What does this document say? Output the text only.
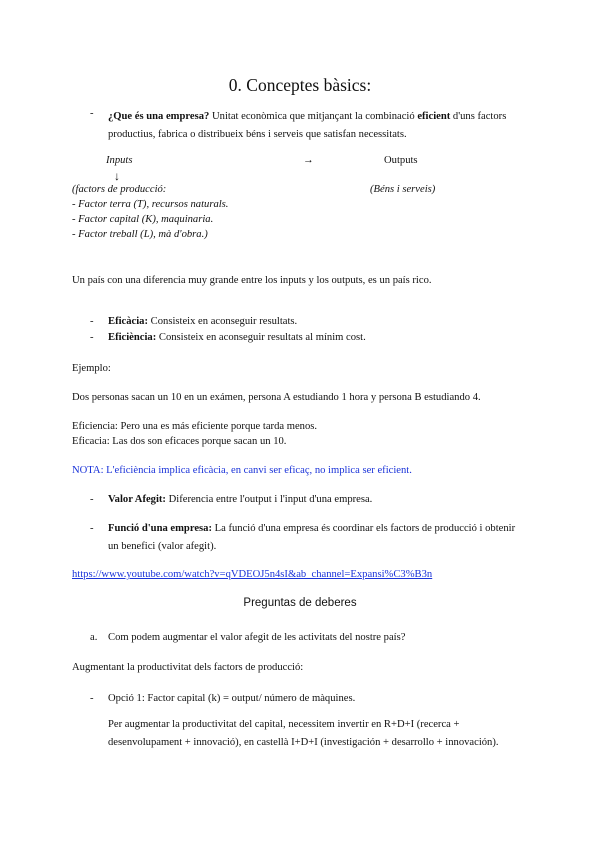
0. Conceptes bàsics:
- ¿Que és una empresa? Unitat econòmica que mitjançant la combinació eficient d'uns factors productius, fabrica o distribueix béns i serveis que satisfan necessitats.
Inputs	→	Outputs
↓
(factors de producció:	(Béns i serveis)
- Factor terra (T), recursos naturals.
- Factor capital (K), maquinaria.
- Factor treball (L), mà d'obra.)
Un país con una diferencia muy grande entre los inputs y los outputs, es un país rico.
- Eficàcia: Consisteix en aconseguir resultats.
- Eficiència: Consisteix en aconseguir resultats al mínim cost.
Ejemplo:
Dos personas sacan un 10 en un exámen, persona A estudiando 1 hora y persona B estudiando 4.
Eficiencia: Pero una es más eficiente porque tarda menos.
Eficacia: Las dos son eficaces porque sacan un 10.
NOTA: L'eficiència implica eficàcia, en canvi ser eficaç, no implica ser eficient.
- Valor Afegit: Diferencia entre l'output i l'input d'una empresa.
- Funció d'una empresa: La funció d'una empresa és coordinar els factors de producció i obtenir un benefici (valor afegit).
https://www.youtube.com/watch?v=qVDEOJ5n4sI&ab_channel=Expansi%C3%B3n
Preguntas de deberes
a. Com podem augmentar el valor afegit de les activitats del nostre país?
Augmentant la productivitat dels factors de producció:
- Opció 1: Factor capital (k) = output/ número de màquines.
Per augmentar la productivitat del capital, necessitem invertir en R+D+I (recerca + desenvolupament + innovació), en castellà I+D+I (investigación + desarrollo + innovación).
